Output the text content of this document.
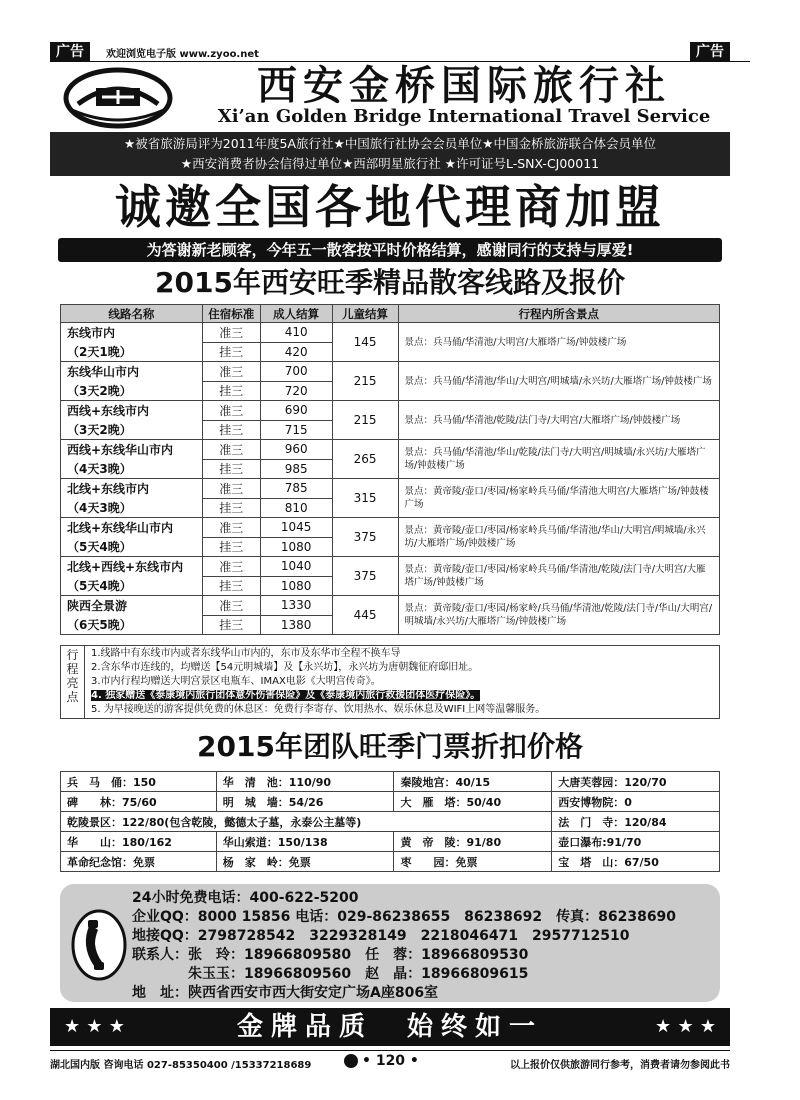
广告	欢迎浏览电子版 www.zyoo.net	广告
西安金桥国际旅行社
Xi’an Golden Bridge International Travel Service
★被省旅游局评为2011年度5A旅行社★中国旅行社协会会员单位★中国金桥旅游联合体会员单位
★西安消费者协会信得过单位★西部明星旅行社 ★许可证号L-SNX-CJ00011
诚邀全国各地代理商加盟
为答谢新老顾客，今年五一散客按平时价格结算，感谢同行的支持与厚爱!
2015年西安旺季精品散客线路及报价
线路名称	住宿标准	成人结算	儿童结算	行程内所含景点
东线市内	准三	410	145	景点：兵马俑/华清池/大明宫/大雁塔广场/钟鼓楼广场
（2天1晚）	挂三	420		
东线华山市内	准三	700	215	景点：兵马俑/华清池/华山/大明宫/明城墙/永兴坊/大雁塔广场/钟鼓楼广场
（3天2晚）	挂三	720		
西线+东线市内	准三	690	215	景点：兵马俑/华清池/乾陵/法门寺/大明宫/大雁塔广场/钟鼓楼广场
（3天2晚）	挂三	715		
西线+东线华山市内	准三	960	265	景点：兵马俑/华清池/华山/乾陵/法门寺/大明宫/明城墙/永兴坊/大雁塔广场/钟鼓楼广场
（4天3晚）	挂三	985		
北线+东线市内	准三	785	315	景点：黄帝陵/壶口/枣园/杨家岭兵马俑/华清池大明宫/大雁塔广场/钟鼓楼广场
（4天3晚）	挂三	810		
北线+东线华山市内	准三	1045	375	景点：黄帝陵/壶口/枣园/杨家岭兵马俑/华清池/华山/大明宫/明城墙/永兴坊/大雁塔广场/钟鼓楼广场
（5天4晚）	挂三	1080		
北线+西线+东线市内	准三	1040	375	景点：黄帝陵/壶口/枣园/杨家岭兵马俑/华清池/乾陵/法门寺/大明宫/大雁塔广场/钟鼓楼广场
（5天4晚）	挂三	1080		
陕西全景游	准三	1330	445	景点：黄帝陵/壶口/枣园/杨家岭/兵马俑/华清池/乾陵/法门寺/华山/大明宫/明城墙/永兴坊/大雁塔广场/钟鼓楼广场
（6天5晚）	挂三	1380		
行
程
亮
点
1.线路中有东线市内或者东线华山市内的，东市及东华市全程不换车导
2.含东华市连线的，均赠送【54元明城墙】及【永兴坊】，永兴坊为唐朝魏征府邸旧址。
3.市内行程均赠送大明宫景区电瓶车、IMAX电影《大明宫传奇》。
4. 独家赠送《泰康境内旅行团体意外伤害保险》及《泰康境内旅行救援团体医疗保险》。
5. 为早接晚送的游客提供免费的休息区：免费行李寄存、饮用热水、娱乐休息及WIFI上网等温馨服务。
2015年团队旺季门票折扣价格
兵　马　俑：150	华　清　池：110/90	秦陵地宫：40/15	大唐芙蓉园：120/70
碑　　林：75/60	明　城　墙：54/26	大　雁　塔：50/40	西安博物院：0
乾陵景区：122/80(包含乾陵，懿德太子墓，永泰公主墓等)			法　门　寺：120/84
华　　山：180/162	华山索道：150/138	黄　帝　陵：91/80	壶口瀑布:91/70
革命纪念馆：免票	杨　家　岭：免票	枣　　园：免票	宝　塔　山：67/50
24小时免费电话：400-622-5200
企业QQ：8000 15856 电话：029-86238655　86238692　传真：86238690
地接QQ：2798728542　3229328149　2218046471　2957712510
联系人：张　玲：18966809580　任　蓉：18966809530
　　　　朱玉玉：18966809560　赵　晶：18966809615
地　址：陕西省西安市西大街安定广场A座806室
★ ★ ★	金牌品质　始终如一	★ ★ ★
湖北国内版 咨询电话 027-85350400 /15337218689	• 120 •	以上报价仅供旅游同行参考，消费者请勿参阅此书
